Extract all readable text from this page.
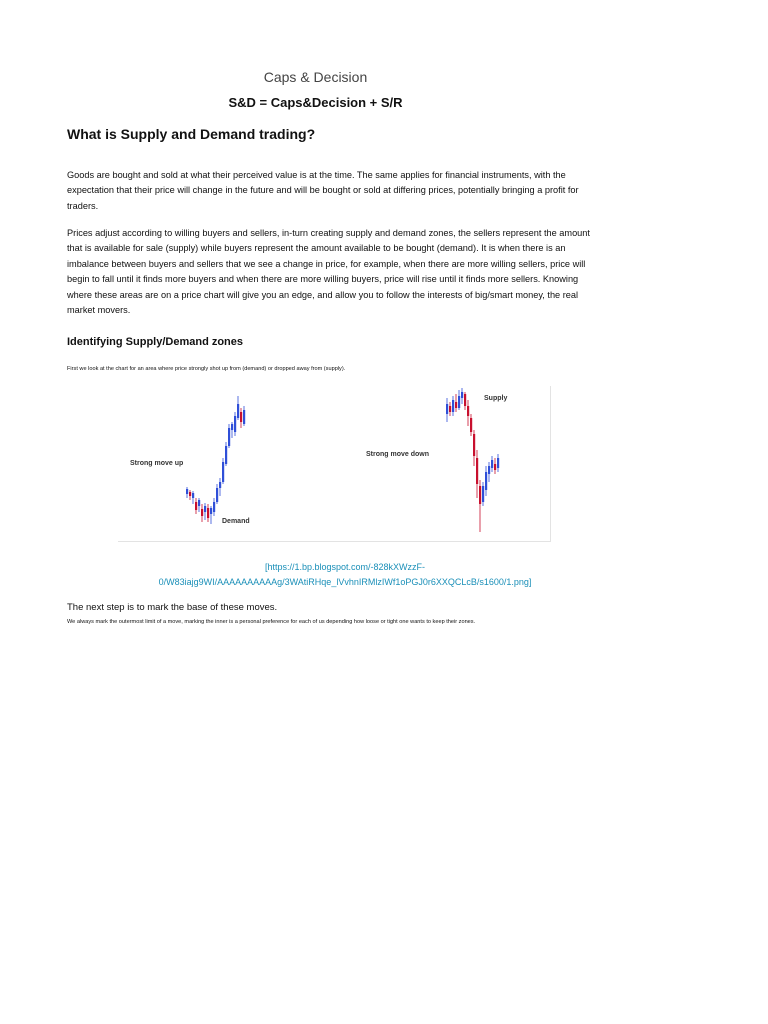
Caps & Decision
S&D = Caps&Decision + S/R
What is Supply and Demand trading?
Goods are bought and sold at what their perceived value is at the time. The same applies for financial instruments, with the expectation that their price will change in the future and will be bought or sold at differing prices, potentially bringing a profit for traders.
Prices adjust according to willing buyers and sellers, in-turn creating supply and demand zones, the sellers represent the amount that is available for sale (supply) while buyers represent the amount available to be bought (demand). It is when there is an imbalance between buyers and sellers that we see a change in price, for example, when there are more willing sellers, price will begin to fall until it finds more buyers and when there are more willing buyers, price will rise until it finds more sellers. Knowing where these areas are on a price chart will give you an edge, and allow you to follow the interests of big/smart money, the real market movers.
Identifying Supply/Demand zones
First we look at the chart for an area where price strongly shot up from (demand) or dropped away from (supply).
Strong move up
Demand
Strong move down
Supply
[https://1.bp.blogspot.com/-828kXWzzF-
0/W83iajg9WI/AAAAAAAAAAg/3WAtiRHqe_lVvhnIRMlzIWf1oPGJ0r6XXQCLcB/s1600/1.png]
The next step is to mark the base of these moves.
We always mark the outermost limit of a move, marking the inner is a personal preference for each of us depending how loose or tight one wants to keep their zones.
